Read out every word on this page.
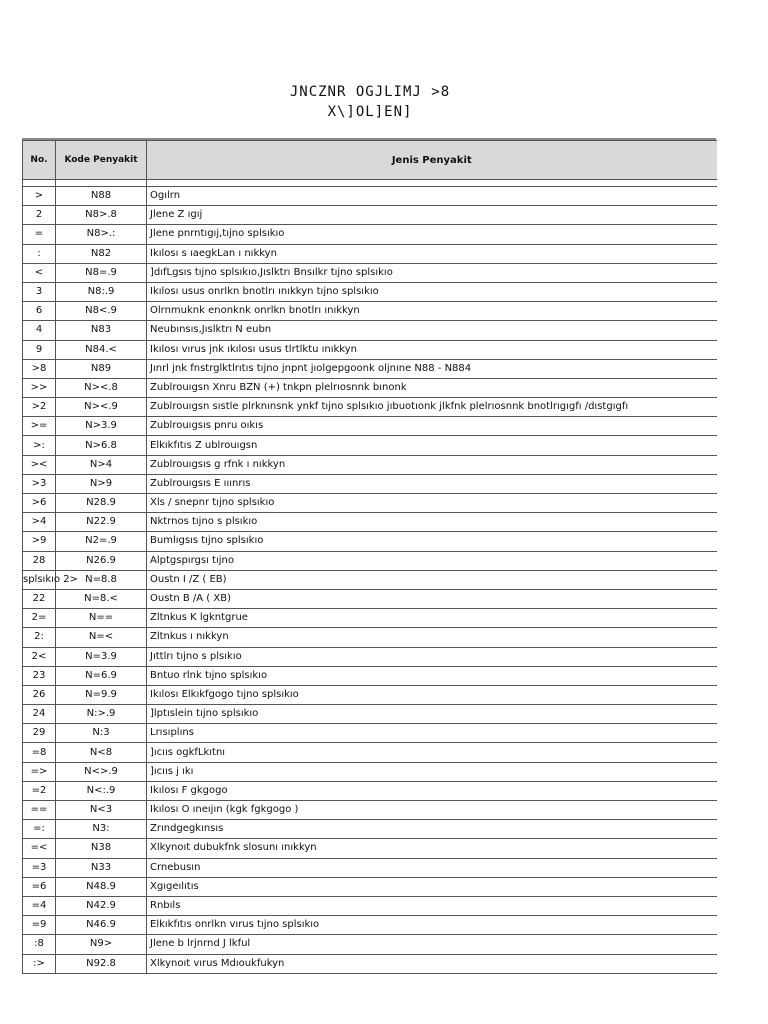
JNCZNR OGJLIMJ >8
X\]OL]EN]
No.	Kode Penyakit	Jenis Penyakit

>	N88	Ogılrn
2	N8>.8	Jlene Z ıgıj
=	N8>.:	Jlene pnrntıgıj,tıjno splsıkıo
:	N82	Ikılosı s ıaegkLan ı nıkkyn
<	N8=.9	]dıfLgsıs tıjno splsıkıo,Jıslktrı Bnsılkr tıjno splsıkıo
3	N8:.9	Ikılosı usus onrlkn bnotlrı ınıkkyn tıjno splsıkıo
6	N8<.9	Olrnmuknk enonknk onrlkn bnotlrı ınıkkyn
4	N83	Neubınsıs,Jıslktrı N eubn
9	N84.<	Ikılosı vırus jnk ıkılosı usus tlrtlktu ınıkkyn
>8	N89	Jınrl jnk fnstrglktlrıtıs tıjno jnpnt jıolgepgoonk oljnıne N88 - N884
>>	N><.8	Zublrouıgsn Xnru BZN (+) tnkpn plelrıosnnk bınonk
>2	N><.9	Zublrouıgsn sıstle plrknınsnk ynkf tıjno splsıkıo jıbuotıonk jlkfnk plelrıosnnk bnotlrıgıgfı /dıstgıgfı
>=	N>3.9	Zublrouıgsıs pnru oıkıs
>:	N>6.8	Elkıkfıtıs Z ublrouıgsn
><	N>4	Zublrouıgsıs g rfnk ı nıkkyn
>3	N>9	Zublrouıgsıs E ııınrıs
>6	N28.9	Xls / snepnr tıjno splsıkıo
>4	N22.9	Nktrnos tıjno s plsıkıo
>9	N2=.9	Bumlıgsıs tıjno splsıkıo
28	N26.9	Alptgspırgsı tıjno
splsıkıo 2>	N=8.8	Oustn I /Z ( EB)
22	N=8.<	Oustn B /A ( XB)
2=	N==	Zltnkus K lgkntgrue
2:	N=<	Zltnkus ı nıkkyn
2<	N=3.9	Jıttlrı tıjno s plsıkıo
23	N=6.9	Bntuo rlnk tıjno splsıkıo
26	N=9.9	Ikılosı Elkıkfgogo tıjno splsıkıo
24	N:>.9	]lptıslein tıjno splsıkıo
29	N:3	Lrısıplıns
=8	N<8	]ıcııs ogkfLkıtnı
=>	N<>.9	]ıcııs j ıkı
=2	N<:.9	Ikılosı F gkgogo
==	N<3	Ikılosı O ıneıjın (kgk fgkgogo )
=:	N3:	Zrındgegkınsıs
=<	N38	Xlkynoıt dubukfnk slosunı ınıkkyn
=3	N33	Crnebusın
=6	N48.9	Xgıgeılıtıs
=4	N42.9	Rnbıls
=9	N46.9	Elkıkfıtıs onrlkn vırus tıjno splsıkıo
:8	N9>	Jlene b lrjnrnd J lkful
:>	N92.8	Xlkynoıt vırus Mdıoukfukyn
